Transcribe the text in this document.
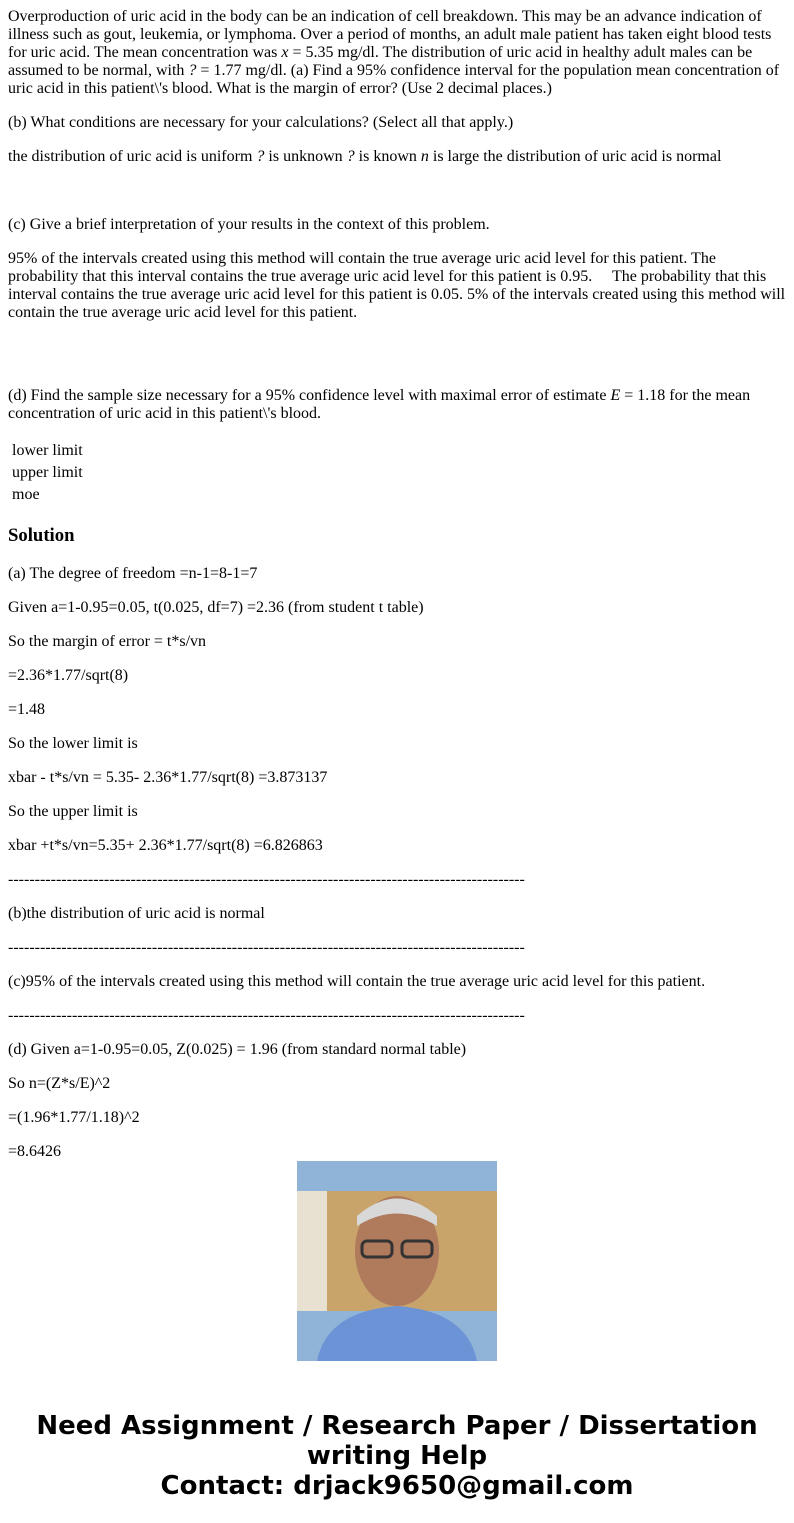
Overproduction of uric acid in the body can be an indication of cell breakdown. This may be an advance indication of illness such as gout, leukemia, or lymphoma. Over a period of months, an adult male patient has taken eight blood tests for uric acid. The mean concentration was x = 5.35 mg/dl. The distribution of uric acid in healthy adult males can be assumed to be normal, with ? = 1.77 mg/dl. (a) Find a 95% confidence interval for the population mean concentration of uric acid in this patient\'s blood. What is the margin of error? (Use 2 decimal places.)

(b) What conditions are necessary for your calculations? (Select all that apply.)

the distribution of uric acid is uniform ? is unknown ? is known n is large the distribution of uric acid is normal

(c) Give a brief interpretation of your results in the context of this problem.

95% of the intervals created using this method will contain the true average uric acid level for this patient. The probability that this interval contains the true average uric acid level for this patient is 0.95.     The probability that this interval contains the true average uric acid level for this patient is 0.05. 5% of the intervals created using this method will contain the true average uric acid level for this patient.

(d) Find the sample size necessary for a 95% confidence level with maximal error of estimate E = 1.18 for the mean concentration of uric acid in this patient\'s blood.

lower limit
upper limit
moe
Solution

(a) The degree of freedom =n-1=8-1=7

Given a=1-0.95=0.05, t(0.025, df=7) =2.36 (from student t table)

So the margin of error = t*s/vn

=2.36*1.77/sqrt(8)

=1.48

So the lower limit is

xbar - t*s/vn = 5.35- 2.36*1.77/sqrt(8) =3.873137

So the upper limit is

xbar +t*s/vn=5.35+ 2.36*1.77/sqrt(8) =6.826863

-------------------------------------------------------------------------------------------------

(b)the distribution of uric acid is normal

-------------------------------------------------------------------------------------------------

(c)95% of the intervals created using this method will contain the true average uric acid level for this patient.

-------------------------------------------------------------------------------------------------

(d) Given a=1-0.95=0.05, Z(0.025) = 1.96 (from standard normal table)

So n=(Z*s/E)^2

=(1.96*1.77/1.18)^2

=8.6426

Need Assignment / Research Paper / Dissertation writing Help
Contact: drjack9650@gmail.com
